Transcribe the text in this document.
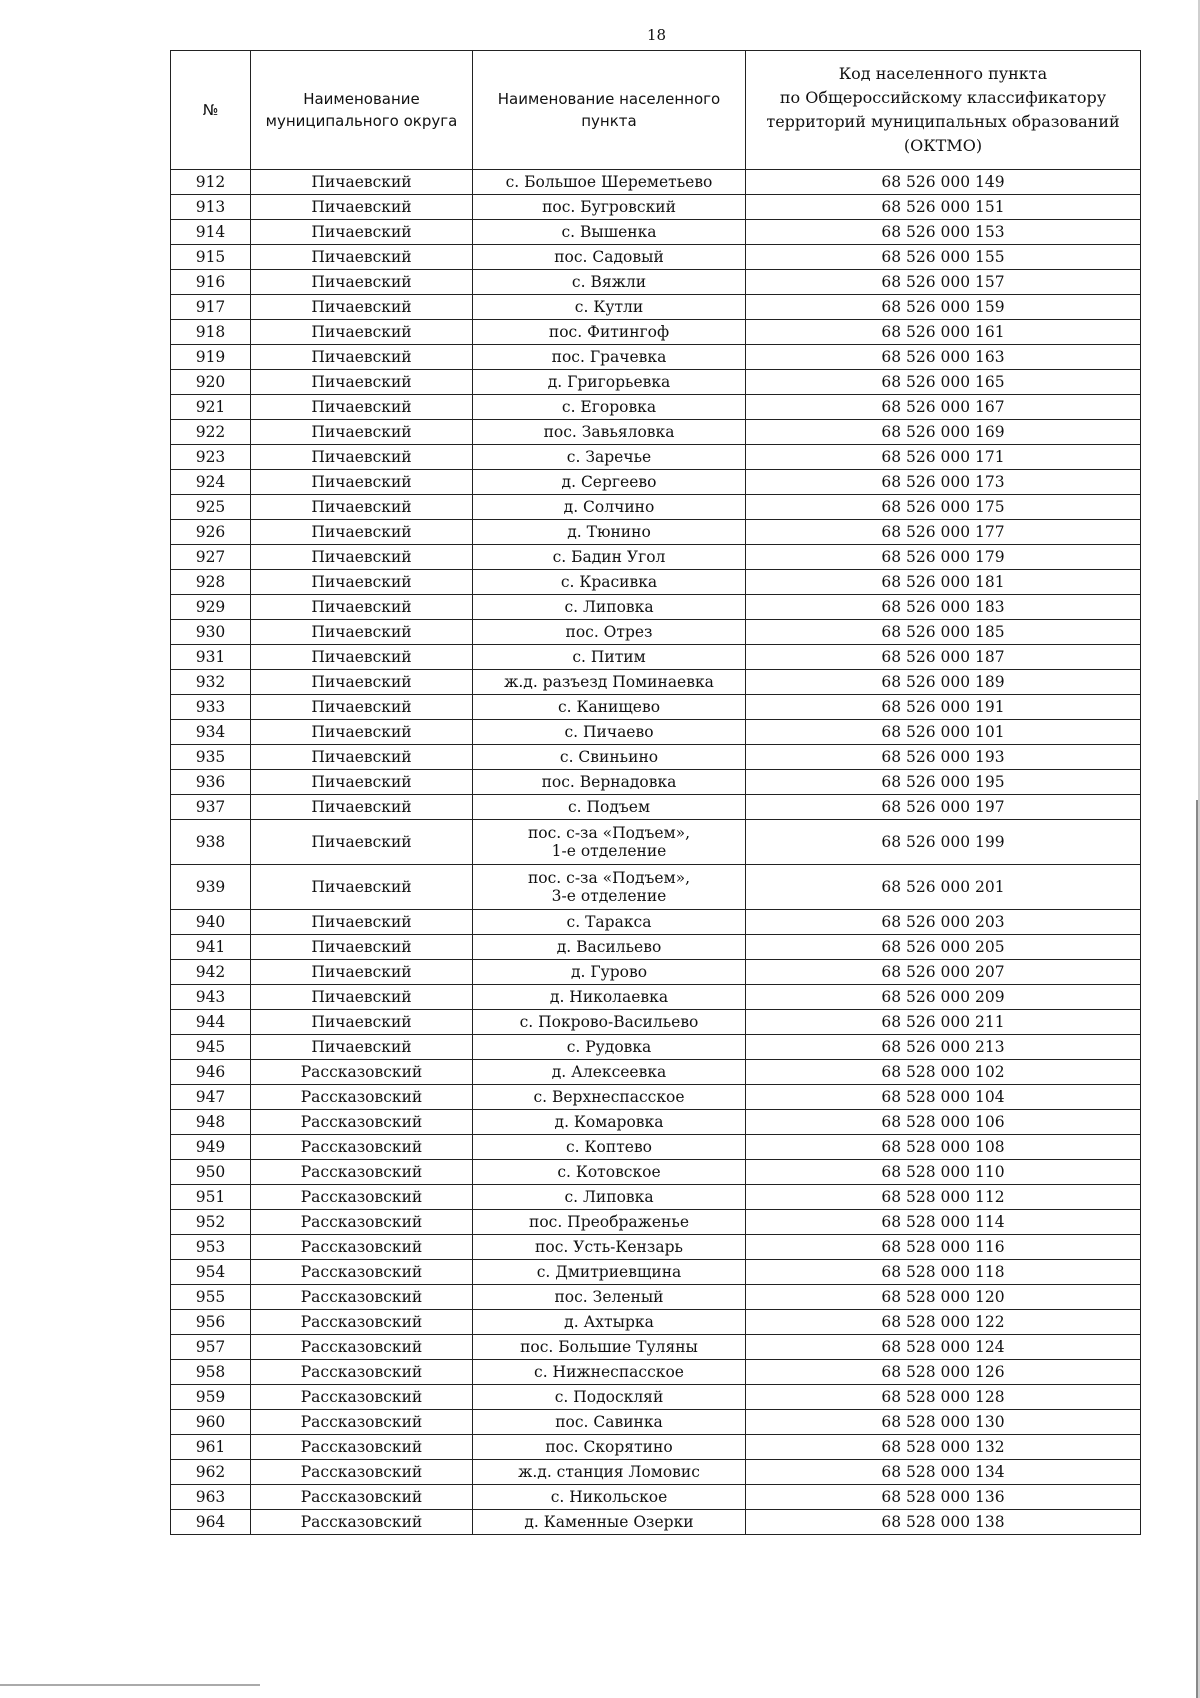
18
№	Наименование муниципального округа	Наименование населенного пункта	Код населенного пункта
по Общероссийскому классификатору
территорий муниципальных образований
(ОКТМО)

912	Пичаевский	с. Большое Шереметьево	68 526 000 149
913	Пичаевский	пос. Бугровский	68 526 000 151
914	Пичаевский	с. Вышенка	68 526 000 153
915	Пичаевский	пос. Садовый	68 526 000 155
916	Пичаевский	с. Вяжли	68 526 000 157
917	Пичаевский	с. Кутли	68 526 000 159
918	Пичаевский	пос. Фитингоф	68 526 000 161
919	Пичаевский	пос. Грачевка	68 526 000 163
920	Пичаевский	д. Григорьевка	68 526 000 165
921	Пичаевский	с. Егоровка	68 526 000 167
922	Пичаевский	пос. Завьяловка	68 526 000 169
923	Пичаевский	с. Заречье	68 526 000 171
924	Пичаевский	д. Сергеево	68 526 000 173
925	Пичаевский	д. Солчино	68 526 000 175
926	Пичаевский	д. Тюнино	68 526 000 177
927	Пичаевский	с. Бадин Угол	68 526 000 179
928	Пичаевский	с. Красивка	68 526 000 181
929	Пичаевский	с. Липовка	68 526 000 183
930	Пичаевский	пос. Отрез	68 526 000 185
931	Пичаевский	с. Питим	68 526 000 187
932	Пичаевский	ж.д. разъезд Поминаевка	68 526 000 189
933	Пичаевский	с. Канищево	68 526 000 191
934	Пичаевский	с. Пичаево	68 526 000 101
935	Пичаевский	с. Свиньино	68 526 000 193
936	Пичаевский	пос. Вернадовка	68 526 000 195
937	Пичаевский	с. Подъем	68 526 000 197
938	Пичаевский	пос. с-за «Подъем»,
1-е отделение	68 526 000 199
939	Пичаевский	пос. с-за «Подъем»,
3-е отделение	68 526 000 201
940	Пичаевский	с. Таракса	68 526 000 203
941	Пичаевский	д. Васильево	68 526 000 205
942	Пичаевский	д. Гурово	68 526 000 207
943	Пичаевский	д. Николаевка	68 526 000 209
944	Пичаевский	с. Покрово-Васильево	68 526 000 211
945	Пичаевский	с. Рудовка	68 526 000 213
946	Рассказовский	д. Алексеевка	68 528 000 102
947	Рассказовский	с. Верхнеспасское	68 528 000 104
948	Рассказовский	д. Комаровка	68 528 000 106
949	Рассказовский	с. Коптево	68 528 000 108
950	Рассказовский	с. Котовское	68 528 000 110
951	Рассказовский	с. Липовка	68 528 000 112
952	Рассказовский	пос. Преображенье	68 528 000 114
953	Рассказовский	пос. Усть-Кензарь	68 528 000 116
954	Рассказовский	с. Дмитриевщина	68 528 000 118
955	Рассказовский	пос. Зеленый	68 528 000 120
956	Рассказовский	д. Ахтырка	68 528 000 122
957	Рассказовский	пос. Большие Туляны	68 528 000 124
958	Рассказовский	с. Нижнеспасское	68 528 000 126
959	Рассказовский	с. Подоскляй	68 528 000 128
960	Рассказовский	пос. Савинка	68 528 000 130
961	Рассказовский	пос. Скорятино	68 528 000 132
962	Рассказовский	ж.д. станция Ломовис	68 528 000 134
963	Рассказовский	с. Никольское	68 528 000 136
964	Рассказовский	д. Каменные Озерки	68 528 000 138
